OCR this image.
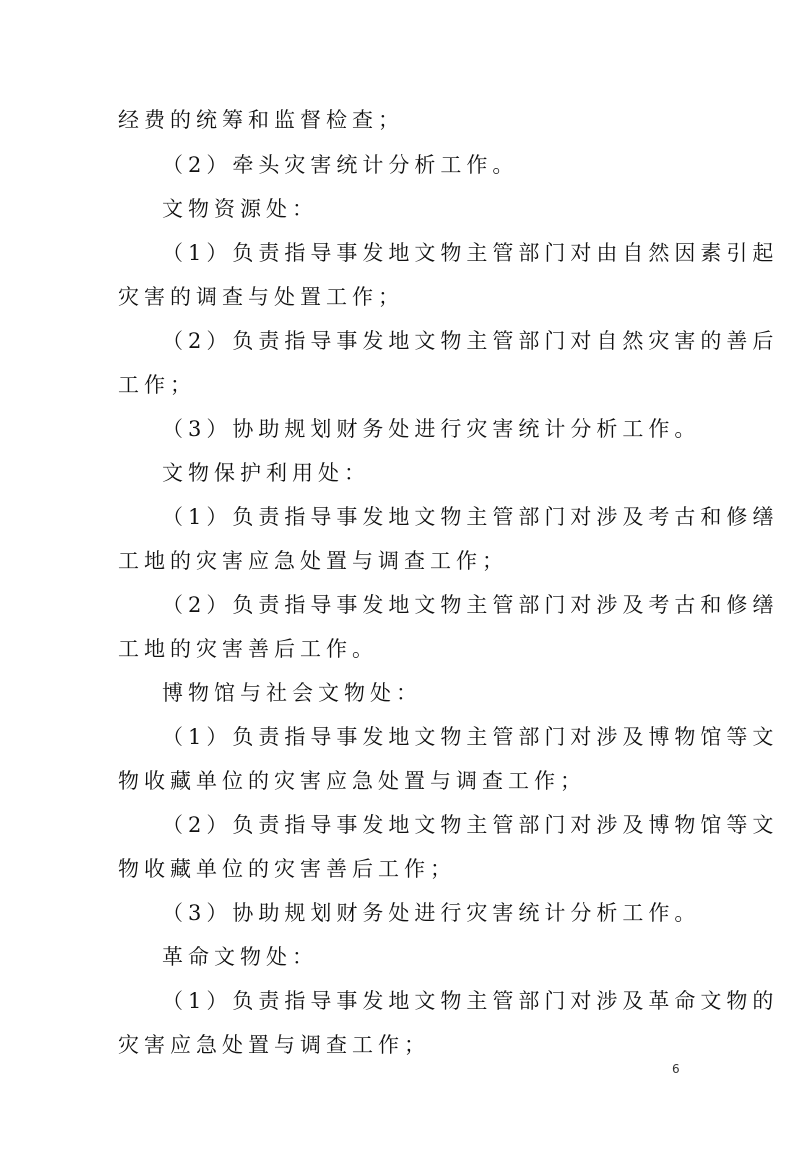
经费的统筹和监督检查；
（2）牵头灾害统计分析工作。
文物资源处：
（1）负责指导事发地文物主管部门对由自然因素引起
灾害的调查与处置工作；
（2）负责指导事发地文物主管部门对自然灾害的善后
工作；
（3）协助规划财务处进行灾害统计分析工作。
文物保护利用处：
（1）负责指导事发地文物主管部门对涉及考古和修缮
工地的灾害应急处置与调查工作；
（2）负责指导事发地文物主管部门对涉及考古和修缮
工地的灾害善后工作。
博物馆与社会文物处：
（1）负责指导事发地文物主管部门对涉及博物馆等文
物收藏单位的灾害应急处置与调查工作；
（2）负责指导事发地文物主管部门对涉及博物馆等文
物收藏单位的灾害善后工作；
（3）协助规划财务处进行灾害统计分析工作。
革命文物处：
（1）负责指导事发地文物主管部门对涉及革命文物的
灾害应急处置与调查工作；
6
